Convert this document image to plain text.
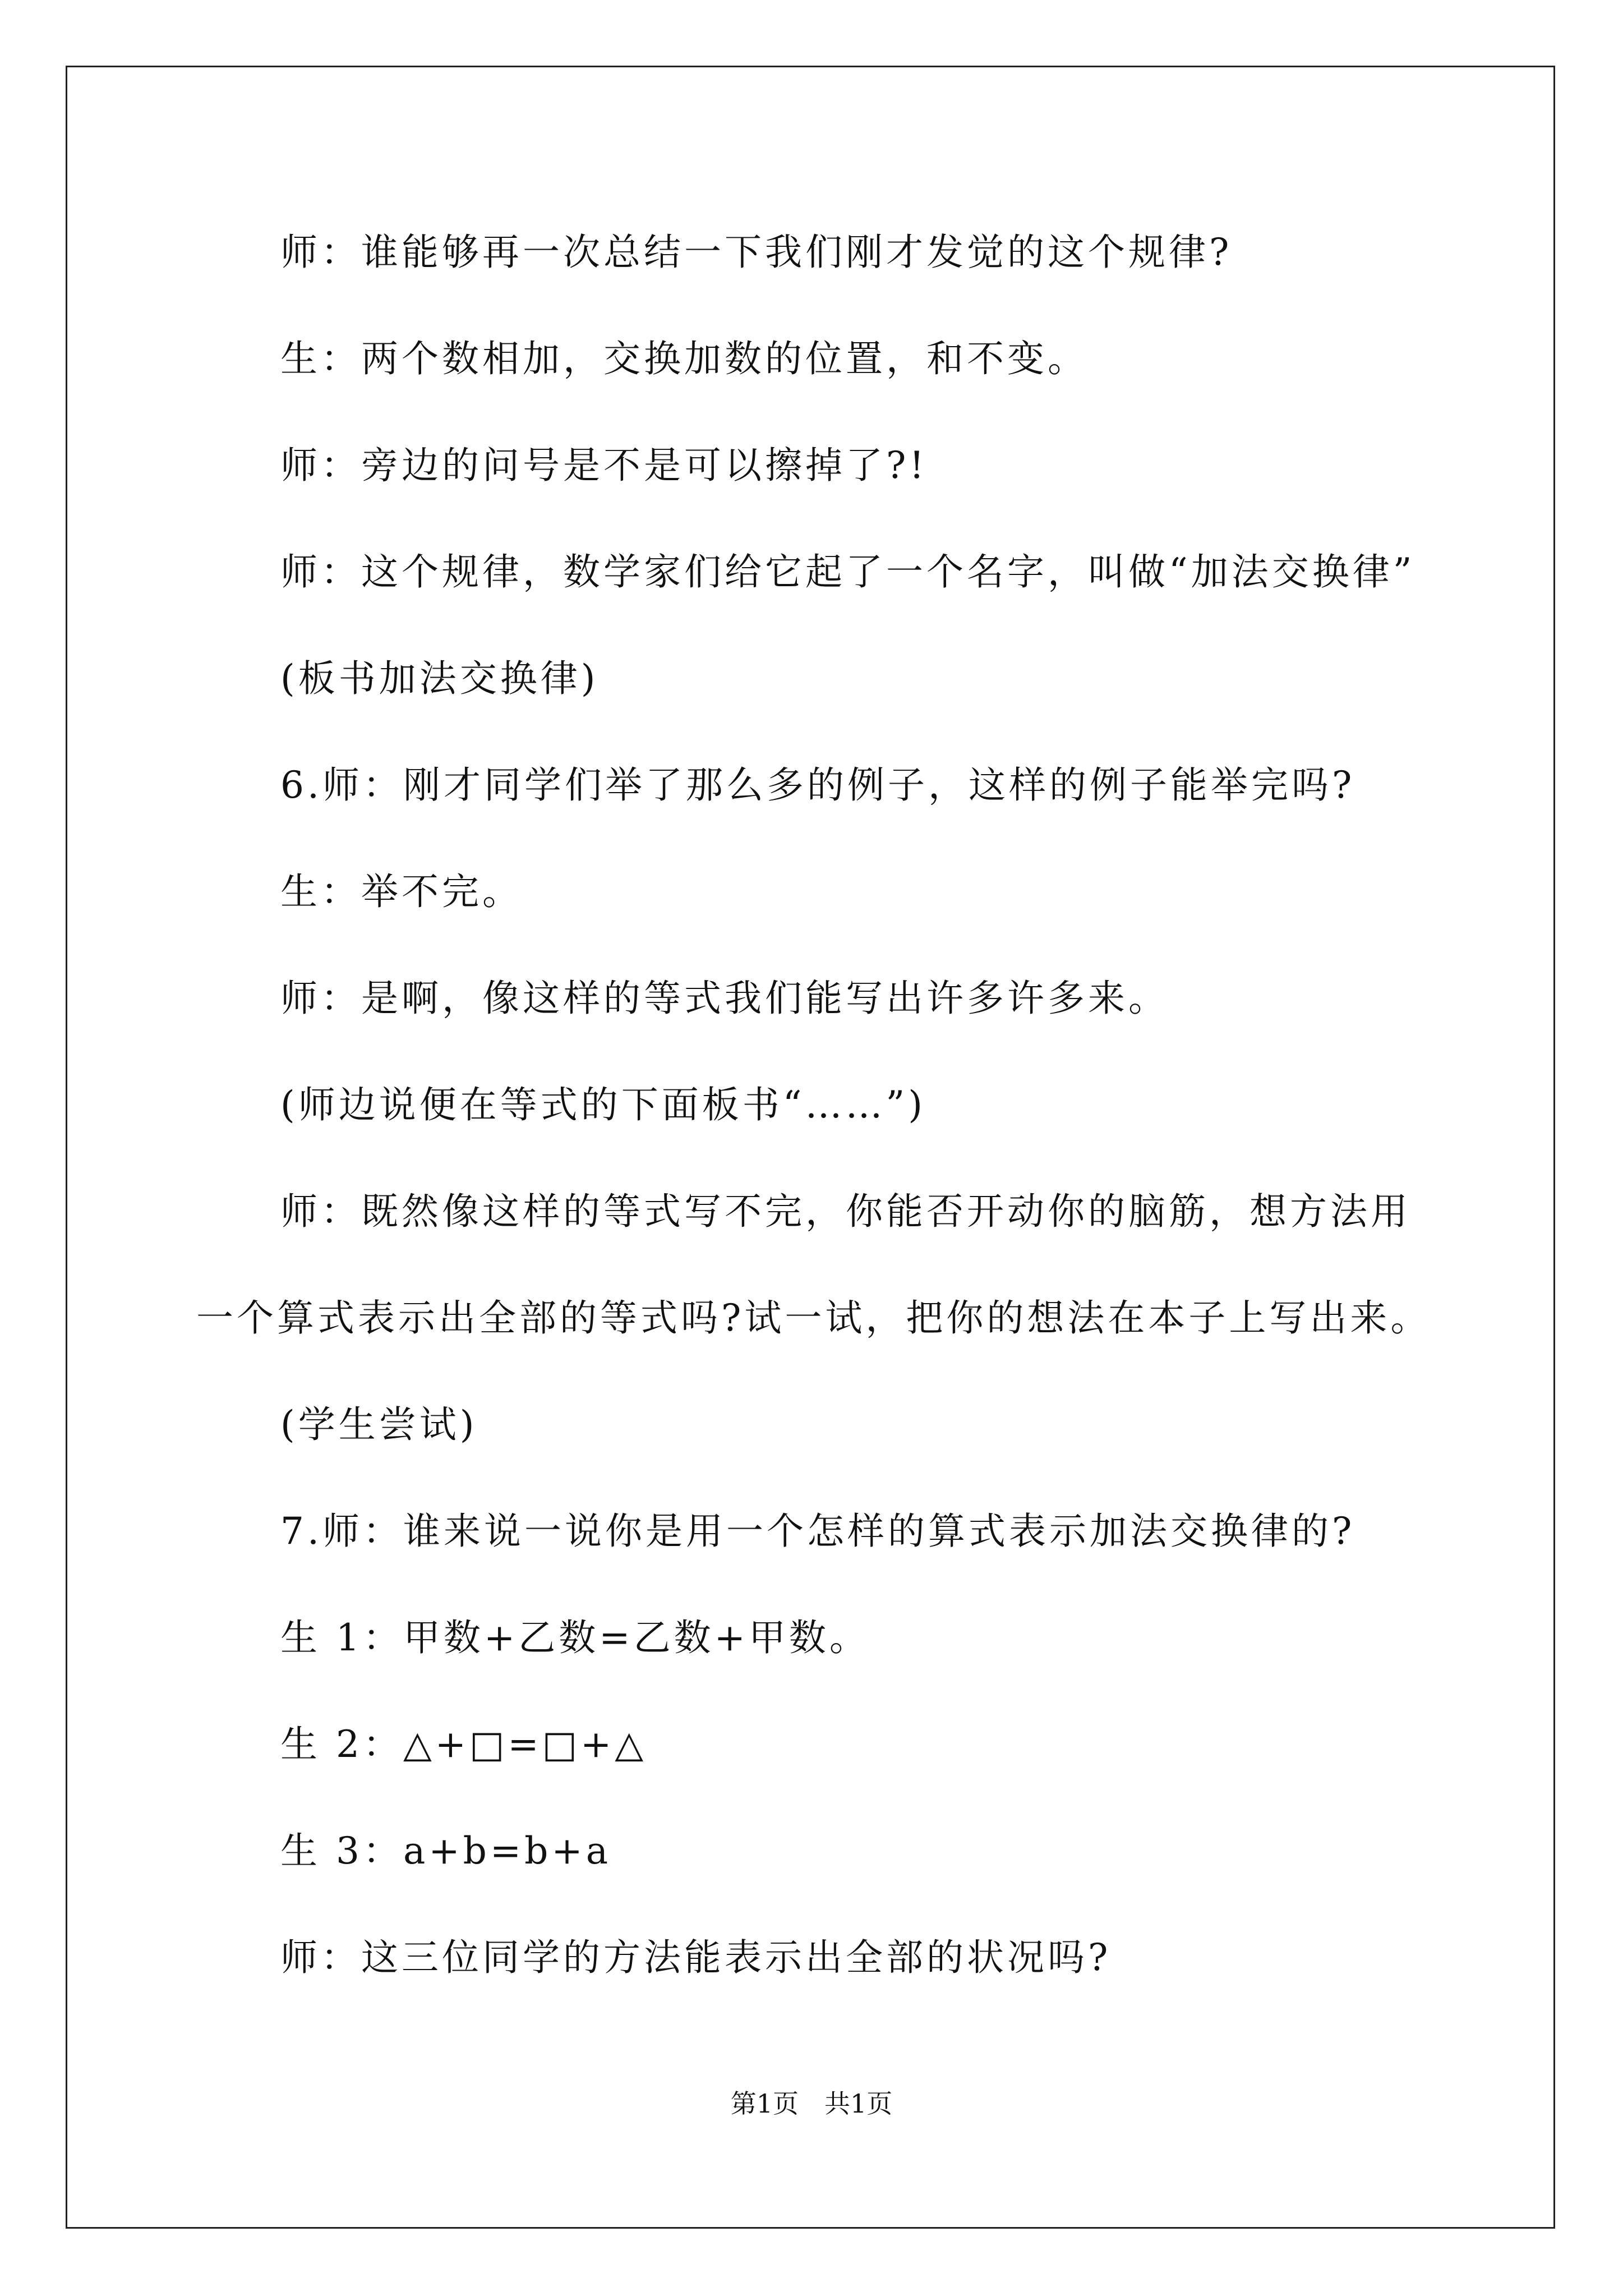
师：谁能够再一次总结一下我们刚才发觉的这个规律?
生：两个数相加，交换加数的位置，和不变。
师：旁边的问号是不是可以擦掉了?!
师：这个规律，数学家们给它起了一个名字，叫做“加法交换律”
(板书加法交换律)
6.师：刚才同学们举了那么多的例子，这样的例子能举完吗?
生：举不完。
师：是啊，像这样的等式我们能写出许多许多来。
(师边说便在等式的下面板书“……”)
师：既然像这样的等式写不完，你能否开动你的脑筋，想方法用
一个算式表示出全部的等式吗?试一试，把你的想法在本子上写出来。
(学生尝试)
7.师：谁来说一说你是用一个怎样的算式表示加法交换律的?
生 1：甲数+乙数=乙数+甲数。
生 2：△+□=□+△
生 3：a+b=b+a
师：这三位同学的方法能表示出全部的状况吗?
第1页 共1页
